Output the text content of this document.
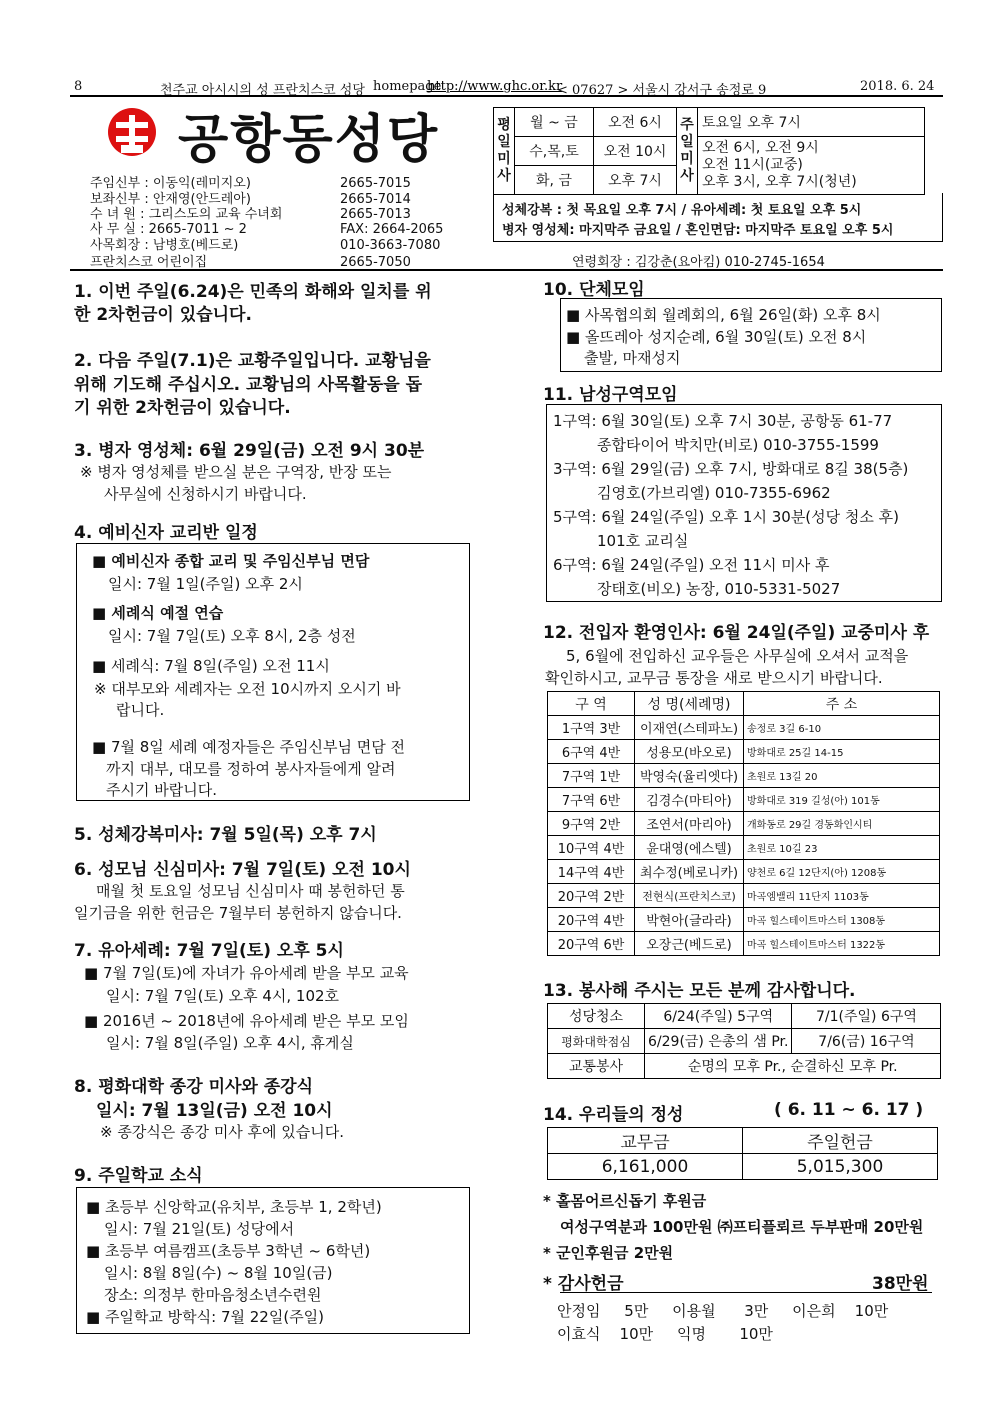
8	천주교 아시시의 성 프란치스코 성당 homepage
http://www.ghc.or.kr
< 07627 > 서울시 강서구 송정로 9	2018. 6. 24
공항동성당
주임신부 : 이동익(레미지오)	2665-7015
보좌신부 : 안재영(안드레아)	2665-7014
수 녀 원 : 그리스도의 교육 수녀회	2665-7013
사 무 실 : 2665-7011 ~ 2	FAX: 2664-2065
사목회장 : 남병호(베드로)	010-3663-7080
프란치스코 어린이집	2665-7050	연령회장 : 김강춘(요아킴) 010-2745-1654
평일미사	월 ~ 금	오전 6시	주일미사	토요일 오후 7시
	수,목,토	오전 10시		오전 6시, 오전 9시
오전 11시(교중)
오후 3시, 오후 7시(청년)

	화, 금	오후 7시		
성체강복 : 첫 목요일 오후 7시 / 유아세례: 첫 토요일 오후 5시
병자 영성체: 마지막주 금요일 / 혼인면담: 마지막주 토요일 오후 5시
1. 이번 주일(6.24)은 민족의 화해와 일치를 위
한 2차헌금이 있습니다.
2. 다음 주일(7.1)은 교황주일입니다. 교황님을
위해 기도해 주십시오. 교황님의 사목활동을 돕
기 위한 2차헌금이 있습니다.
3. 병자 영성체: 6월 29일(금) 오전 9시 30분
※ 병자 영성체를 받으실 분은 구역장, 반장 또는
사무실에 신청하시기 바랍니다.
4. 예비신자 교리반 일정
■ 예비신자 종합 교리 및 주임신부님 면담
일시: 7월 1일(주일) 오후 2시
■ 세례식 예절 연습
일시: 7월 7일(토) 오후 8시, 2층 성전
■ 세례식: 7월 8일(주일) 오전 11시
※ 대부모와 세례자는 오전 10시까지 오시기 바
랍니다.
■ 7월 8일 세례 예정자들은 주임신부님 면담 전
까지 대부, 대모를 정하여 봉사자들에게 알려
주시기 바랍니다.
5. 성체강복미사: 7월 5일(목) 오후 7시
6. 성모님 신심미사: 7월 7일(토) 오전 10시
매월 첫 토요일 성모님 신심미사 때 봉헌하던 통
일기금을 위한 헌금은 7월부터 봉헌하지 않습니다.
7. 유아세례: 7월 7일(토) 오후 5시
■ 7월 7일(토)에 자녀가 유아세례 받을 부모 교육
일시: 7월 7일(토) 오후 4시, 102호
■ 2016년 ~ 2018년에 유아세례 받은 부모 모임
일시: 7월 8일(주일) 오후 4시, 휴게실
8. 평화대학 종강 미사와 종강식
일시: 7월 13일(금) 오전 10시
※ 종강식은 종강 미사 후에 있습니다.
9. 주일학교 소식
■ 초등부 신앙학교(유치부, 초등부 1, 2학년)
일시: 7월 21일(토) 성당에서
■ 초등부 여름캠프(초등부 3학년 ~ 6학년)
일시: 8월 8일(수) ~ 8월 10일(금)
장소: 의정부 한마음청소년수련원
■ 주일학교 방학식: 7월 22일(주일)
10. 단체모임
■ 사목협의회 월례회의, 6월 26일(화) 오후 8시
■ 올뜨레아 성지순례, 6월 30일(토) 오전 8시
출발, 마재성지
11. 남성구역모임
1구역: 6월 30일(토) 오후 7시 30분, 공항동 61-77
종합타이어 박치만(비로) 010-3755-1599
3구역: 6월 29일(금) 오후 7시, 방화대로 8길 38(5층)
김영호(가브리엘) 010-7355-6962
5구역: 6월 24일(주일) 오후 1시 30분(성당 청소 후)
101호 교리실
6구역: 6월 24일(주일) 오전 11시 미사 후
장태호(비오) 농장, 010-5331-5027
12. 전입자 환영인사: 6월 24일(주일) 교중미사 후
5, 6월에 전입하신 교우들은 사무실에 오셔서 교적을
확인하시고, 교무금 통장을 새로 받으시기 바랍니다.
구 역	성 명(세례명)	주 소
1구역 3반	이재연(스테파노)	송정로 3길 6-10
6구역 4반	성용모(바오로)	방화대로 25길 14-15
7구역 1반	박영숙(율리엣다)	초원로 13길 20
7구역 6반	김경수(마티아)	방화대로 319 길성(아) 101동
9구역 2반	조연서(마리아)	개화동로 29길 경동화인시티
10구역 4반	윤대영(에스텔)	초원로 10길 23
14구역 4반	최수정(베로니카)	양천로 6길 12단지(아) 1208동
20구역 2반	전현식(프란치스코)	마곡엠밸리 11단지 1103동
20구역 4반	박현아(글라라)	마곡 힐스테이트마스터 1308동
20구역 6반	오장근(베드로)	마곡 힐스테이트마스터 1322동
13. 봉사해 주시는 모든 분께 감사합니다.
성당청소	6/24(주일) 5구역	7/1(주일) 6구역
평화대학점심	6/29(금) 은총의 샘 Pr.	7/6(금) 16구역
교통봉사	순명의 모후 Pr., 순결하신 모후 Pr.	
14. 우리들의 정성	( 6. 11 ~ 6. 17 )
교무금	주일헌금
6,161,000	5,015,300
* 홀몸어르신돕기 후원금
여성구역분과 100만원 ㈜프티플뢰르 두부판매 20만원
* 군인후원금 2만원
* 감사헌금	38만원
안정임     5만     이용월      3만     이은희    10만
이효식    10만     익명       10만
